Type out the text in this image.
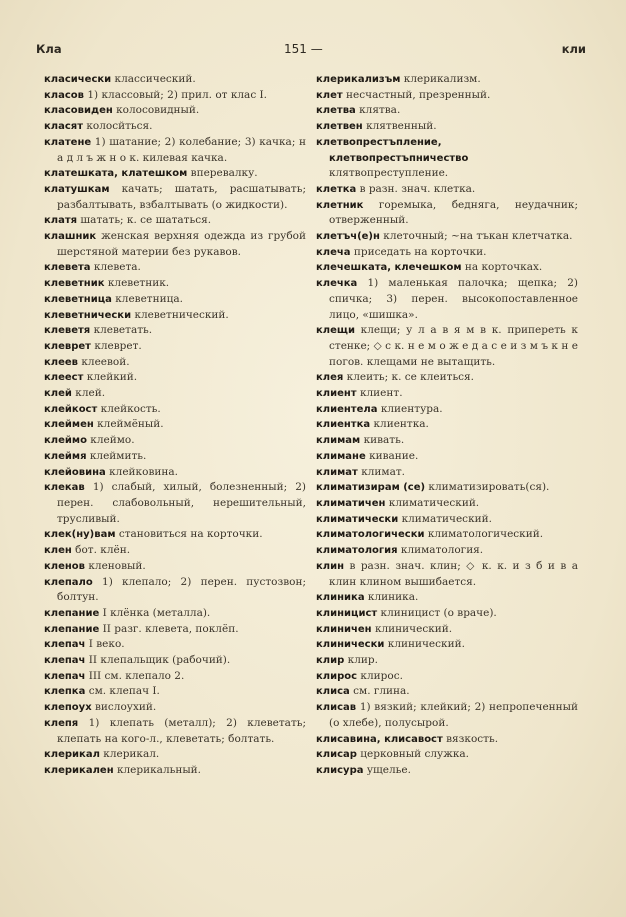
Кла	151 —	кли

класически классический.

класов 1) классовый; 2) прил. от клас I.

класовиден колосовидный.

класят колосйться.

клатене 1) шатание; 2) колебание; 3) качка; н а д л ъ ж н о к. килевая качка.

клатешката, клатешком вперевалку.

клатушкам качать; шатать, расшатывать; разбалтывать, взбалтывать (о жидкости).

клатя шатать; к. се шататься.

клашник женская верхняя одежда из грубой шерстяной материи без рукавов.

клевета клевета.

клеветник клеветник.

клеветница клеветница.

клеветнически клеветнический.

клеветя клеветать.

клеврет клеврет.

клеев клеевой.

клеест клейкий.

клей клей.

клейкост клейкость.

клеймен клеймёный.

клеймо клеймо.

клеймя клеймить.

клейовина клейковина.

клекав 1) слабый, хилый, болезненный; 2) перен. слабовольный, нерешительный, трусливый.

клек(ну)вам становиться на корточки.

клен бот. клён.

кленов кленовый.

клепало 1) клепало; 2) перен. пустозвон; болтун.

клепание I клёнка (металла).

клепание II разг. клевета, поклёп.

клепач I веко.

клепач II клепальщик (рабочий).

клепач III см. клепало 2.

клепка см. клепач I.

клепоух вислоухий.

клепя 1) клепать (металл); 2) клеветать; клепать на кого-л., клеветать; болтать.

клерикал клерикал.

клерикален клерикальный.

клерикализъм клерикализм.

клет несчастный, презренный.

клетва клятва.

клетвен клятвенный.

клетвопрестъпление, клетвопрестъпничество клятвопреступление.

клетка в разн. знач. клетка.

клетник горемыка, бедняга, неудачник; отверженный.

клетъч(е)н клеточный; ~на тъкан клетчатка.

клеча приседать на корточки.

клечешката, клечешком на корточках.

клечка 1) маленькая палочка; щепка; 2) спичка; 3) перен. высокопоставленное лицо, «шишка».

клещи клещи; у л а в я м в к. припереть к стенке; ◇ с к. н е м о ж е д а с е и з м ъ к н е погов. клещами не вытащить.

клея клеить; к. се клеиться.

клиент клиент.

клиентела клиентура.

клиентка клиентка.

климам кивать.

климане кивание.

климат климат.

климатизирам (се) климатизировать(ся).

климатичен климатический.

климатически климатический.

климатологически климатологический.

климатология климатология.

клин в разн. знач. клин; ◇ к. к. и з б и в а клин клином вышибается.

клиника клиника.

клиницист клиницист (о враче).

клиничен клинический.

клинически клинический.

клир клир.

клирос клирос.

клиса см. глина.

клисав 1) вязкий; клейкий; 2) непропеченный (о хлебе), полусырой.

клисавина, клисавост вязкость.

клисар церковный служка.

клисура ущелье.
